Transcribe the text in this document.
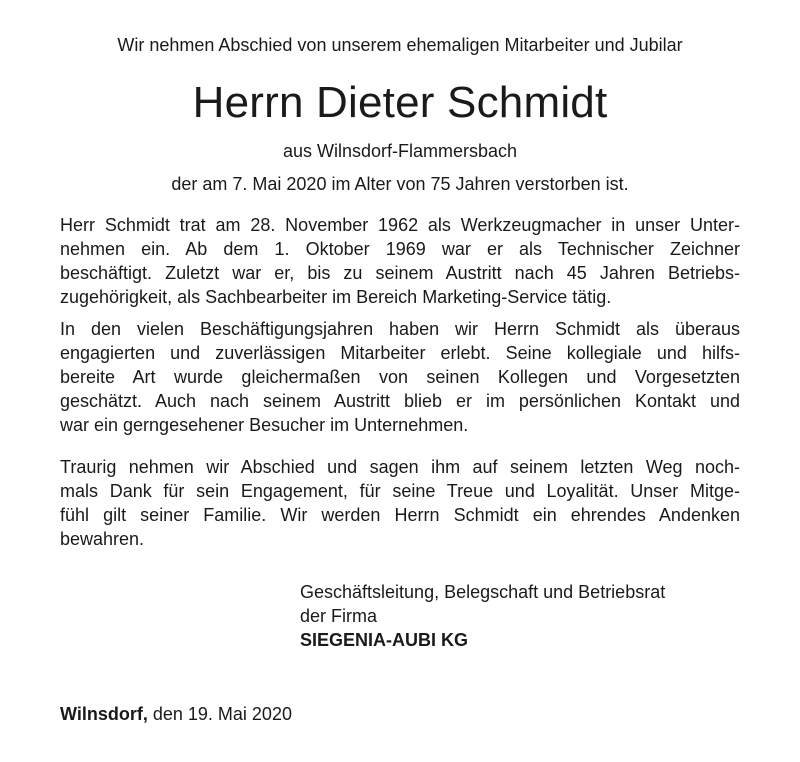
Wir nehmen Abschied von unserem ehemaligen Mitarbeiter und Jubilar
Herrn Dieter Schmidt
aus Wilnsdorf-Flammersbach
der am 7. Mai 2020 im Alter von 75 Jahren verstorben ist.
Herr Schmidt trat am 28. November 1962 als Werkzeugmacher in unser Unter-
nehmen ein. Ab dem 1. Oktober 1969 war er als Technischer Zeichner
beschäftigt. Zuletzt war er, bis zu seinem Austritt nach 45 Jahren Betriebs-
zugehörigkeit, als Sachbearbeiter im Bereich Marketing-Service tätig.
In den vielen Beschäftigungsjahren haben wir Herrn Schmidt als überaus
engagierten und zuverlässigen Mitarbeiter erlebt. Seine kollegiale und hilfs-
bereite Art wurde gleichermaßen von seinen Kollegen und Vorgesetzten
geschätzt. Auch nach seinem Austritt blieb er im persönlichen Kontakt und
war ein gerngesehener Besucher im Unternehmen.
Traurig nehmen wir Abschied und sagen ihm auf seinem letzten Weg noch-
mals Dank für sein Engagement, für seine Treue und Loyalität. Unser Mitge-
fühl gilt seiner Familie. Wir werden Herrn Schmidt ein ehrendes Andenken
bewahren.
Geschäftsleitung, Belegschaft und Betriebsrat
der Firma
SIEGENIA-AUBI KG
Wilnsdorf, den 19. Mai 2020
